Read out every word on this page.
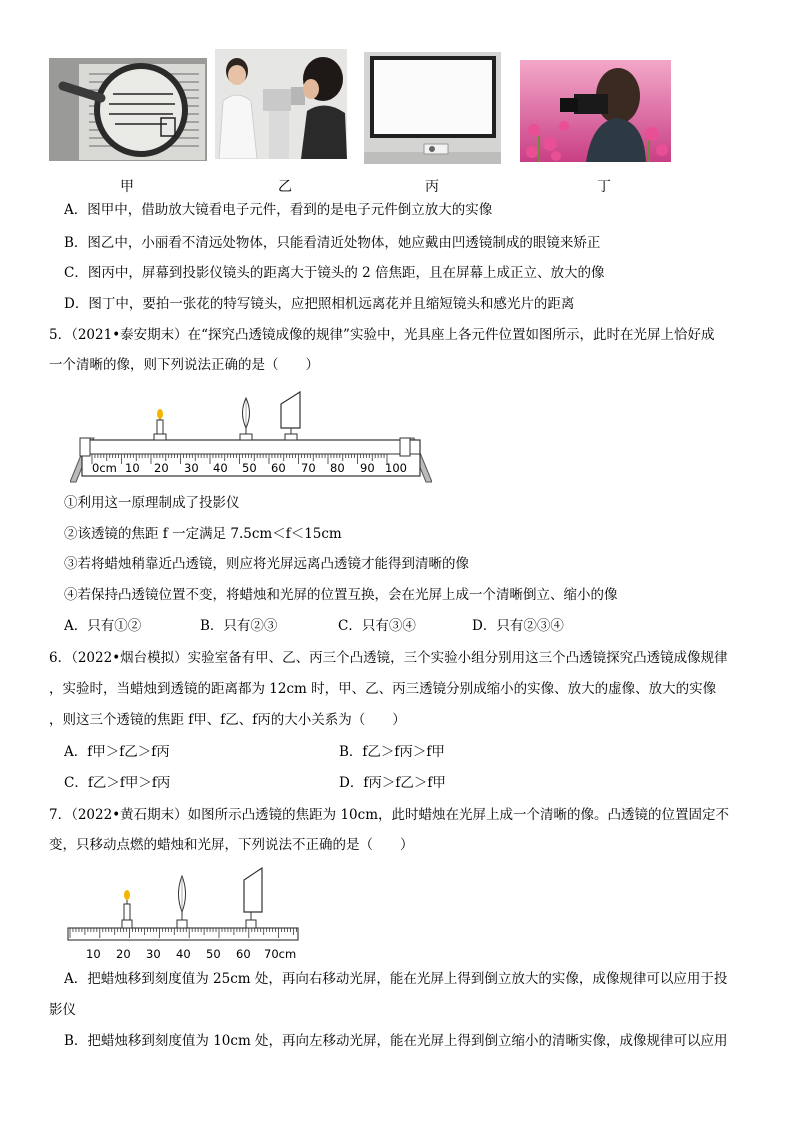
甲	乙	丙	丁
A．图甲中，借助放大镜看电子元件，看到的是电子元件倒立放大的实像
B．图乙中，小丽看不清远处物体，只能看清近处物体，她应戴由凹透镜制成的眼镜来矫正
C．图丙中，屏幕到投影仪镜头的距离大于镜头的 2 倍焦距，且在屏幕上成正立、放大的像
D．图丁中，要拍一张花的特写镜头，应把照相机远离花并且缩短镜头和感光片的距离
5．（2021•泰安期末）在“探究凸透镜成像的规律”实验中，光具座上各元件位置如图所示，此时在光屏上恰好成
一个清晰的像，则下列说法正确的是（　　）
0cm 10 20 30 40 50 60 70 80 90 100
①利用这一原理制成了投影仪
②该透镜的焦距 f 一定满足 7.5cm＜f＜15cm
③若将蜡烛稍靠近凸透镜，则应将光屏远离凸透镜才能得到清晰的像
④若保持凸透镜位置不变，将蜡烛和光屏的位置互换，会在光屏上成一个清晰倒立、缩小的像
A．只有①②	B．只有②③	C．只有③④	D．只有②③④
6．（2022•烟台模拟）实验室备有甲、乙、丙三个凸透镜，三个实验小组分别用这三个凸透镜探究凸透镜成像规律
，实验时，当蜡烛到透镜的距离都为 12cm 时，甲、乙、丙三透镜分别成缩小的实像、放大的虚像、放大的实像
，则这三个透镜的焦距 f甲、f乙、f丙的大小关系为（　　）
A．f甲＞f乙＞f丙	B．f乙＞f丙＞f甲
C．f乙＞f甲＞f丙	D．f丙＞f乙＞f甲
7．（2022•黄石期末）如图所示凸透镜的焦距为 10cm，此时蜡烛在光屏上成一个清晰的像。凸透镜的位置固定不
变，只移动点燃的蜡烛和光屏，下列说法不正确的是（　　）
10 20 30 40 50 60 70cm
A．把蜡烛移到刻度值为 25cm 处，再向右移动光屏，能在光屏上得到倒立放大的实像，成像规律可以应用于投
影仪
B．把蜡烛移到刻度值为 10cm 处，再向左移动光屏，能在光屏上得到倒立缩小的清晰实像，成像规律可以应用
